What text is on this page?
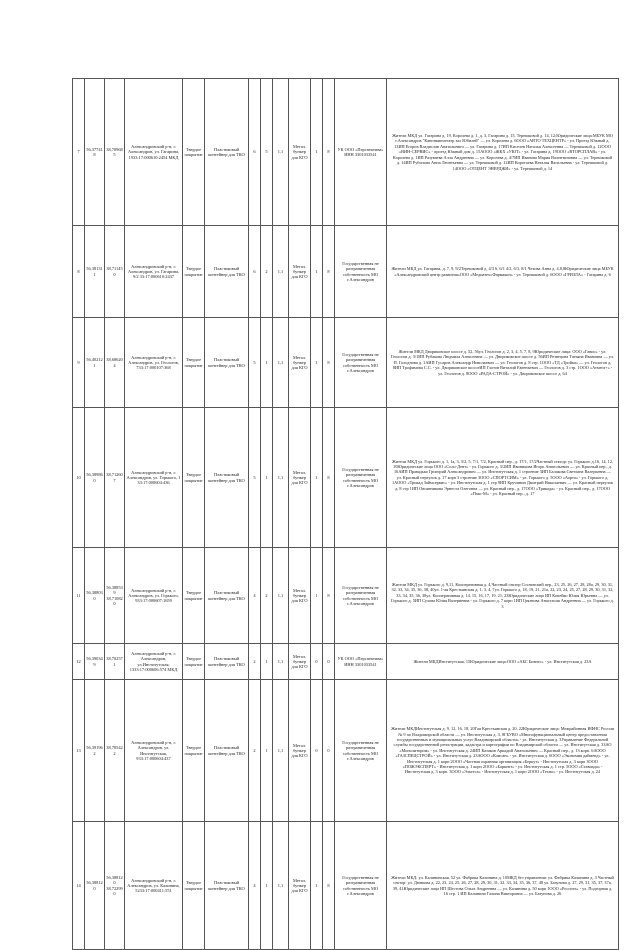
7	56,377418	38,709685	Александровский р-н, г. Александров, ул. Гагарина, 1933:17:000610:2454 МКД	Твердое покрытие	Пластиковый контейнер для ТКО	6	5	1,1	Метал. бункер для КГО	1	8	УК ООО «Перспектива» ИНН 3301033541	Жители МКД ул. Гагарина д. 19, Королева д. 1, д. 3, Гагарина д. 15, Терешковой д. 14, 12;Юридические лица:МБУК МО г.Александров "Канонкинотеатр зал Юбилей" — ул. Королева д. 6ООО «АВТО ТЕХЦЕНТР» - ул. Проезд Южный д. 1ЗИП Егоров Владислав Анатольевич — ул. Гагарина д. 17ИП Киселев Наталья Алексеевна — Терешковой д. 12ООО «ВИН-СЕРВИС» - проезд Южный дом д. 15АООО «ЖКХ «УЮТ» - ул. Гагарина д. 19ООО «ВТОРСПЛАВ» - ул. Королева д. 1ИП Разуваева Алла Андреевна — ул. Королева д. 4/7ИП Иванова Мария Валентиновна — ул. Терешковой д. 14ИП Рубилова Анна Леонтьевна — ул. Терешковой д. 12ИП Коротаева Наталья Васильевна - ул. Терешковой д. 14ООО «ОТЦЕНТ ЭНЕРДЖИ» - ул. Терешковой д. 14
8	56,381311	38,711450	Александровский р-н, г. Александров, ул. Гагарина, 9/2 33:17:000610:2437	Твердое покрытие	Пластиковый контейнер для ТКО	6	2	1,1	Метал. бункер для КГО	1	8	Государственная не разграниченная собственность МО г.Александров	Жители МКД ул. Гагарина, д. 7, 9, 9/2Терешковой д. 4/3 6, 6/1 4/2, 6/3, 8/1 Чехова Анна д. 4,8,8Юридические лица МБУК «Александровский центр развития»ООО «Медиатех»Фармакон» - ул. Терешковой д. 6ООО «ГРИЗЛА» - Гагарина д. 6
9	56,402121	38,686204	Александровский р-н, г. Александров, ул. Геологов, 733:17:000107:368	Твердое покрытие	Пластиковый контейнер для ТКО	5	1	1,1	Метал. бункер для КГО	1	8	Государственная не разграниченная собственность МО г.Александров	Жители МКД Двориковское шоссе д. 52, 56ул. Геологов д. 2, 3, 4, 5, 7, 8, 9Юридические лица: ООО «Гавис» - ул. Геологов д. 3/1ИП Рубакова Людмила Алексеевна — ул. Двориковское шоссе д. 56ИП Резвецова Татьяна Ивановна — ул. П. Голоднова д. 1АИП Гусаров Александр Николаевич — ул. Геологов д. 8 стр. 1ООО «ТД «Тройка» — ул. Геологов д. 8ИП Трофимова С.С. - ул. Двориковское шоссеИП Глотов Виталий Евгеньевич — Геологов д. 3 стр. 1ООО «Атмега+» - ул. Геологов д. 8ООО «РАДА-СТРОЙ» - ул. Двориковское шоссе д. 64
10	56,389860	38,712607	Александровский р-н, г. Александров, ул. Горького, 1 33:17:000604:436	Твердое покрытие	Пластиковый контейнер для ТКО	5	1	1,1	Метал. бункер для КГО	1	8	Государственная не разграниченная собственность МО г.Александров	Жители МКД ул. Горького д. 1, 1а, 3, 3/2, 5, 7/1, 7/2, Красный пер., д. 17/1, 17/2Частный сектор: ул. Горького д.16, 14, 12, 10Юридические лица ООО «Соло-Дент» - ул. Горького д. 3/2ИП Ивоникова Игорь Анатольевич — ул. Красный пер., д. 16АИП Правадько Григорий Александрович — ул. Институтская д. 1 строение 3ИП Балакова Светлана Валерьевна — ул. Красный переулок д. 17 корп 3 строение 3ООО «СПОРТСИМ» - ул. Горького д. 5ООО «Аорта» - ул. Горького д. 1АООО «Трикад Займсервис» - ул. Институтская д. 1 стр 9ИП Кручинин Дмитрий Николаевич — ул. Красный переулок д. 8 стр 1ИП Овсянникова Эрнеста Олеговна — ул. Красный пер., д. 17ООО «Трикада» - ул. Красный пер., д. 17ООО «Пакс-М» - ул. Красный пер., д. 17
11	56,388030	56,388539 38,710820	Александровский р-н, г. Александров, ул. Горького, 933:17:000607:1659	Твердое покрытие	Пластиковый контейнер для ТКО	4	2	1,1	Метал. бункер для КГО	1	8	Государственная не разграниченная собственность МО г.Александров	Жители МКД ул. Горького д. 9,11, Кооперативная д. 4,Частный сектор Сосновский пер., 23, 25, 26, 27, 28, 28а, 29, 30, 31, 32, 33, 34, 35, 36, 38, 40ул. 1-ая Крестьянская д. 1, 3, 4, 7ул. Горького д. 18, 19, 21, 21а, 22, 23, 24, 25, 27, 28, 29, 30, 31, 32, 33, 34, 35, 36, 38ул. Кооперативная д. 14, 15, 16, 17, 19, 21, 23Юридические лица ИП Копейко Юлия Юрьевна — ул. Горького д. 5ИП Сулова Юлия Валериевна - ул. Горького д. 7 корп 1ИП Грязнова Анастасия Андреевна — ул. Горького д. 3
12	56,390349	38,702571	Александровский р-н, г. Александров, ул.Институтская, 1333:17:000606:574 МКД	Твердое покрытие	Пластиковый контейнер для ТКО	2	1	1,1	Метал. бункер для КГО	0	0	УК ООО «Перспектива» ИНН 3301033541	Жители МКДИнститутская, 15Юридические лица:ООО «АБС Бизнес» - ул. Институтская д. 23А
13	56,391962	38,705422	Александровский р-н, г. Александров, ул. Институтская, 933:17:000604:437	Твердое покрытие	Пластиковый контейнер для ТКО	2	1	1,1	Метал. бункер для КГО	0	0	Государственная не разграниченная собственность МО г.Александров	Жители МКДИнститутская д. 9, 12, 16, 18, 20Гая Крестьянская д. 20, 22Юридические лица: Межрайонная ИФНС России № 9 по Владимирской области — ул. Институтская д. 3, 8ГБУВО «Многофункциональный центр предоставления государственных и муниципальных услуг Владимирской области» - ул. Институтская д. 3Управление Федеральной службы государственной регистрации, кадастра и картографии по Владимирской области — ул. Институтская д. 3ЗАО «Монолитпром» - ул. Институтская д. 24ИП Казаков Аркадий Анатольевич — Красный пер., д. 13 корп. 6АООО «ГАЗСПЕЦСТРОЙ» - ул. Институтская д. 23АООО «Комсан» - ул. Институтская д. 6ООО «Экономия дайменд» - ул. Институтская д. 1 корп 2ООО «Частная охранная организация «Беркут» - Институтская д. 3 корп 3ООО «ПОЖЭКСПЕРТ» - Институтская д. 1 корп 2ООО «Баркент» - ул. Институтская д. 1 стр. 5ООО «Ставиада» - Институтская д. 3 корп. 3ООО «Эльтеса» - Институтская д. 1 корп 2ООО «Техно» - ул. Институтская д. 24
14	56,388120	56,388120 38,722990	Александровский р-н, г. Александров, ул. Калинина, 5233:17:000411:551	Твердое покрытие	Пластиковый контейнер для ТКО	4	1	1,1	Метал. бункер для КГО	1	8	Государственная не разграниченная собственность МО г.Александров	Жители МКД: ул. Калининская, 52 ул. Фабрика Калинина д. 10МКД без управления: ул. Фабрика Калинина д. 3 Частный сектор: ул. Дюнкова д. 22, 23, 24, 25, 26, 27, 28, 29, 30, 31, 32, 33, 34, 35, 36, 37, 48 ул. Базунова д. 27, 29, 31, 35, 37, 37а, 39, 41Юридические лица ИП Шестова Ольга Андреевна — ул. Калинина д. 50 корп 1ООО «Россить» - ул. Подгорная д. 16 стр. 1 ИП Калинина Галина Викторовна — ул. Базунова д. 26
